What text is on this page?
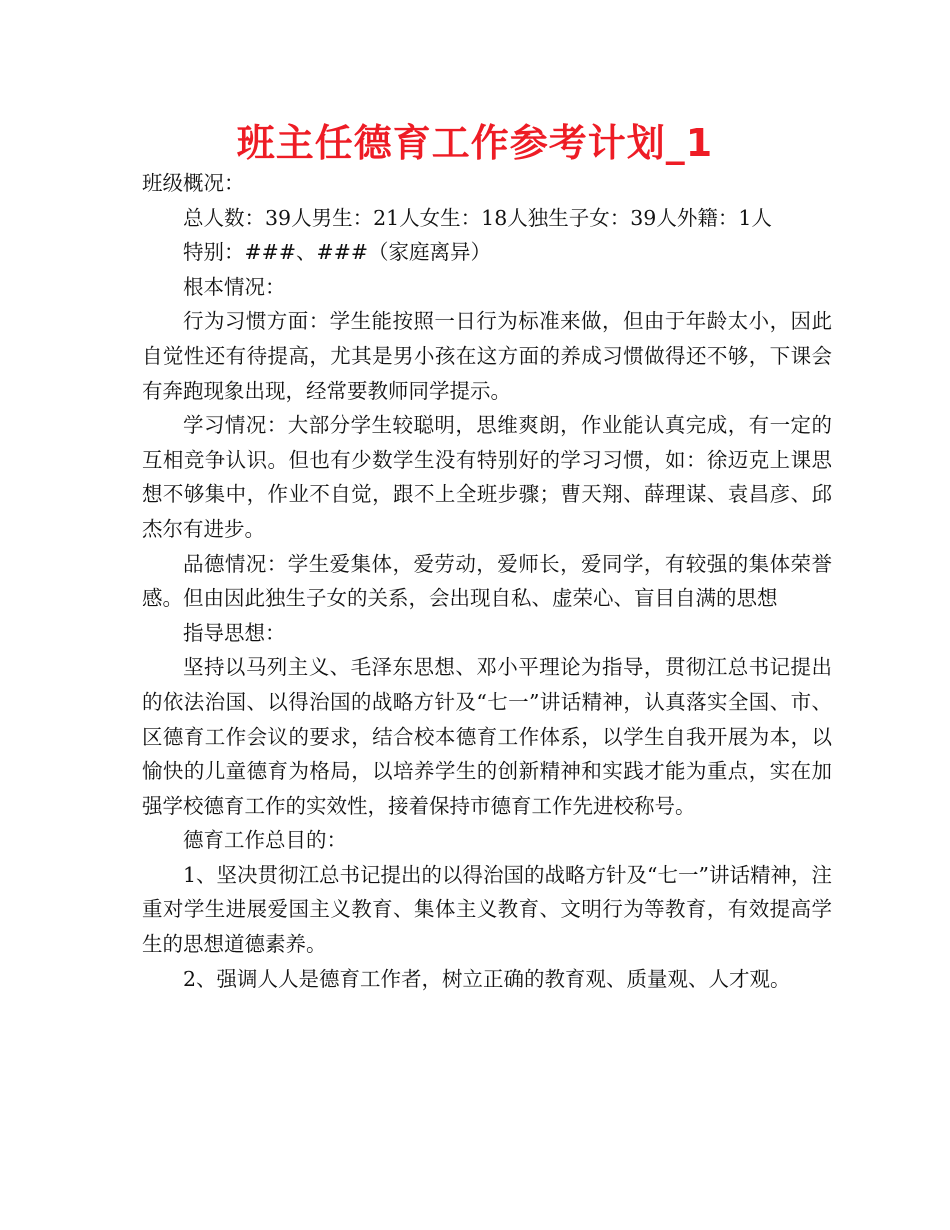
班主任德育工作参考计划_1

班级概况：

总人数：39人男生：21人女生：18人独生子女：39人外籍：1人

特别：###、###（家庭离异）

根本情况：

行为习惯方面：学生能按照一日行为标准来做，但由于年龄太小，因此自觉性还有待提高，尤其是男小孩在这方面的养成习惯做得还不够，下课会有奔跑现象出现，经常要教师同学提示。

学习情况：大部分学生较聪明，思维爽朗，作业能认真完成，有一定的互相竞争认识。但也有少数学生没有特别好的学习习惯，如：徐迈克上课思想不够集中，作业不自觉，跟不上全班步骤；曹天翔、薛理谋、袁昌彦、邱杰尔有进步。

品德情况：学生爱集体，爱劳动，爱师长，爱同学，有较强的集体荣誉感。但由因此独生子女的关系，会出现自私、虚荣心、盲目自满的思想

指导思想：

坚持以马列主义、毛泽东思想、邓小平理论为指导，贯彻江总书记提出的依法治国、以得治国的战略方针及“七一”讲话精神，认真落实全国、市、区德育工作会议的要求，结合校本德育工作体系，以学生自我开展为本，以愉快的儿童德育为格局，以培养学生的创新精神和实践才能为重点，实在加强学校德育工作的实效性，接着保持市德育工作先进校称号。

德育工作总目的：

1、坚决贯彻江总书记提出的以得治国的战略方针及“七一”讲话精神，注重对学生进展爱国主义教育、集体主义教育、文明行为等教育，有效提高学生的思想道德素养。

2、强调人人是德育工作者，树立正确的教育观、质量观、人才观。
